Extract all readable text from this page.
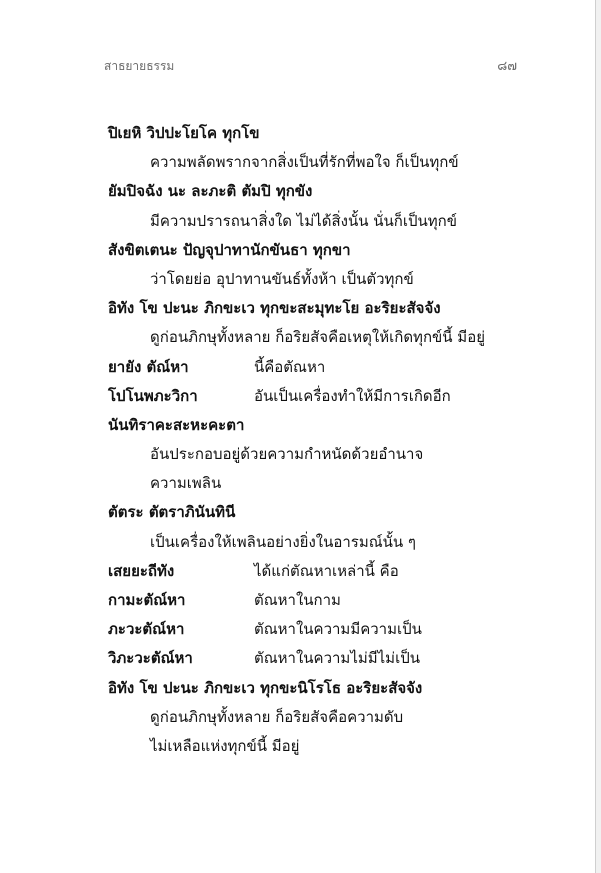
สาธยายธรรม	๘๗
ปิเยหิ วิปปะโยโค ทุกโข
ความพลัดพรากจากสิ่งเป็นที่รักที่พอใจ ก็เป็นทุกข์
ยัมปิจฉัง นะ ละภะติ ตัมปิ ทุกขัง
มีความปรารถนาสิ่งใด ไม่ได้สิ่งนั้น นั่นก็เป็นทุกข์
สังขิตเตนะ ปัญจุปาทานักขันธา ทุกขา
ว่าโดยย่อ อุปาทานขันธ์ทั้งห้า เป็นตัวทุกข์
อิทัง โข ปะนะ ภิกขะเว ทุกขะสะมุทะโย อะริยะสัจจัง
ดูก่อนภิกษุทั้งหลาย ก็อริยสัจคือเหตุให้เกิดทุกข์นี้ มีอยู่
ยายัง ตัณ์หา	นี้คือตัณหา
โปโนพภะวิกา	อันเป็นเครื่องทำให้มีการเกิดอีก
นันทิราคะสะหะคะตา
อันประกอบอยู่ด้วยความกำหนัดด้วยอำนาจ
ความเพลิน
ตัตระ ตัตราภินันทินี
เป็นเครื่องให้เพลินอย่างยิ่งในอารมณ์นั้น ๆ
เสยยะถีทัง	ได้แก่ตัณหาเหล่านี้ คือ
กามะตัณ์หา	ตัณหาในกาม
ภะวะตัณ์หา	ตัณหาในความมีความเป็น
วิภะวะตัณ์หา	ตัณหาในความไม่มีไม่เป็น
อิทัง โข ปะนะ ภิกขะเว ทุกขะนิโรโธ อะริยะสัจจัง
ดูก่อนภิกษุทั้งหลาย ก็อริยสัจคือความดับ
ไม่เหลือแห่งทุกข์นี้ มีอยู่
